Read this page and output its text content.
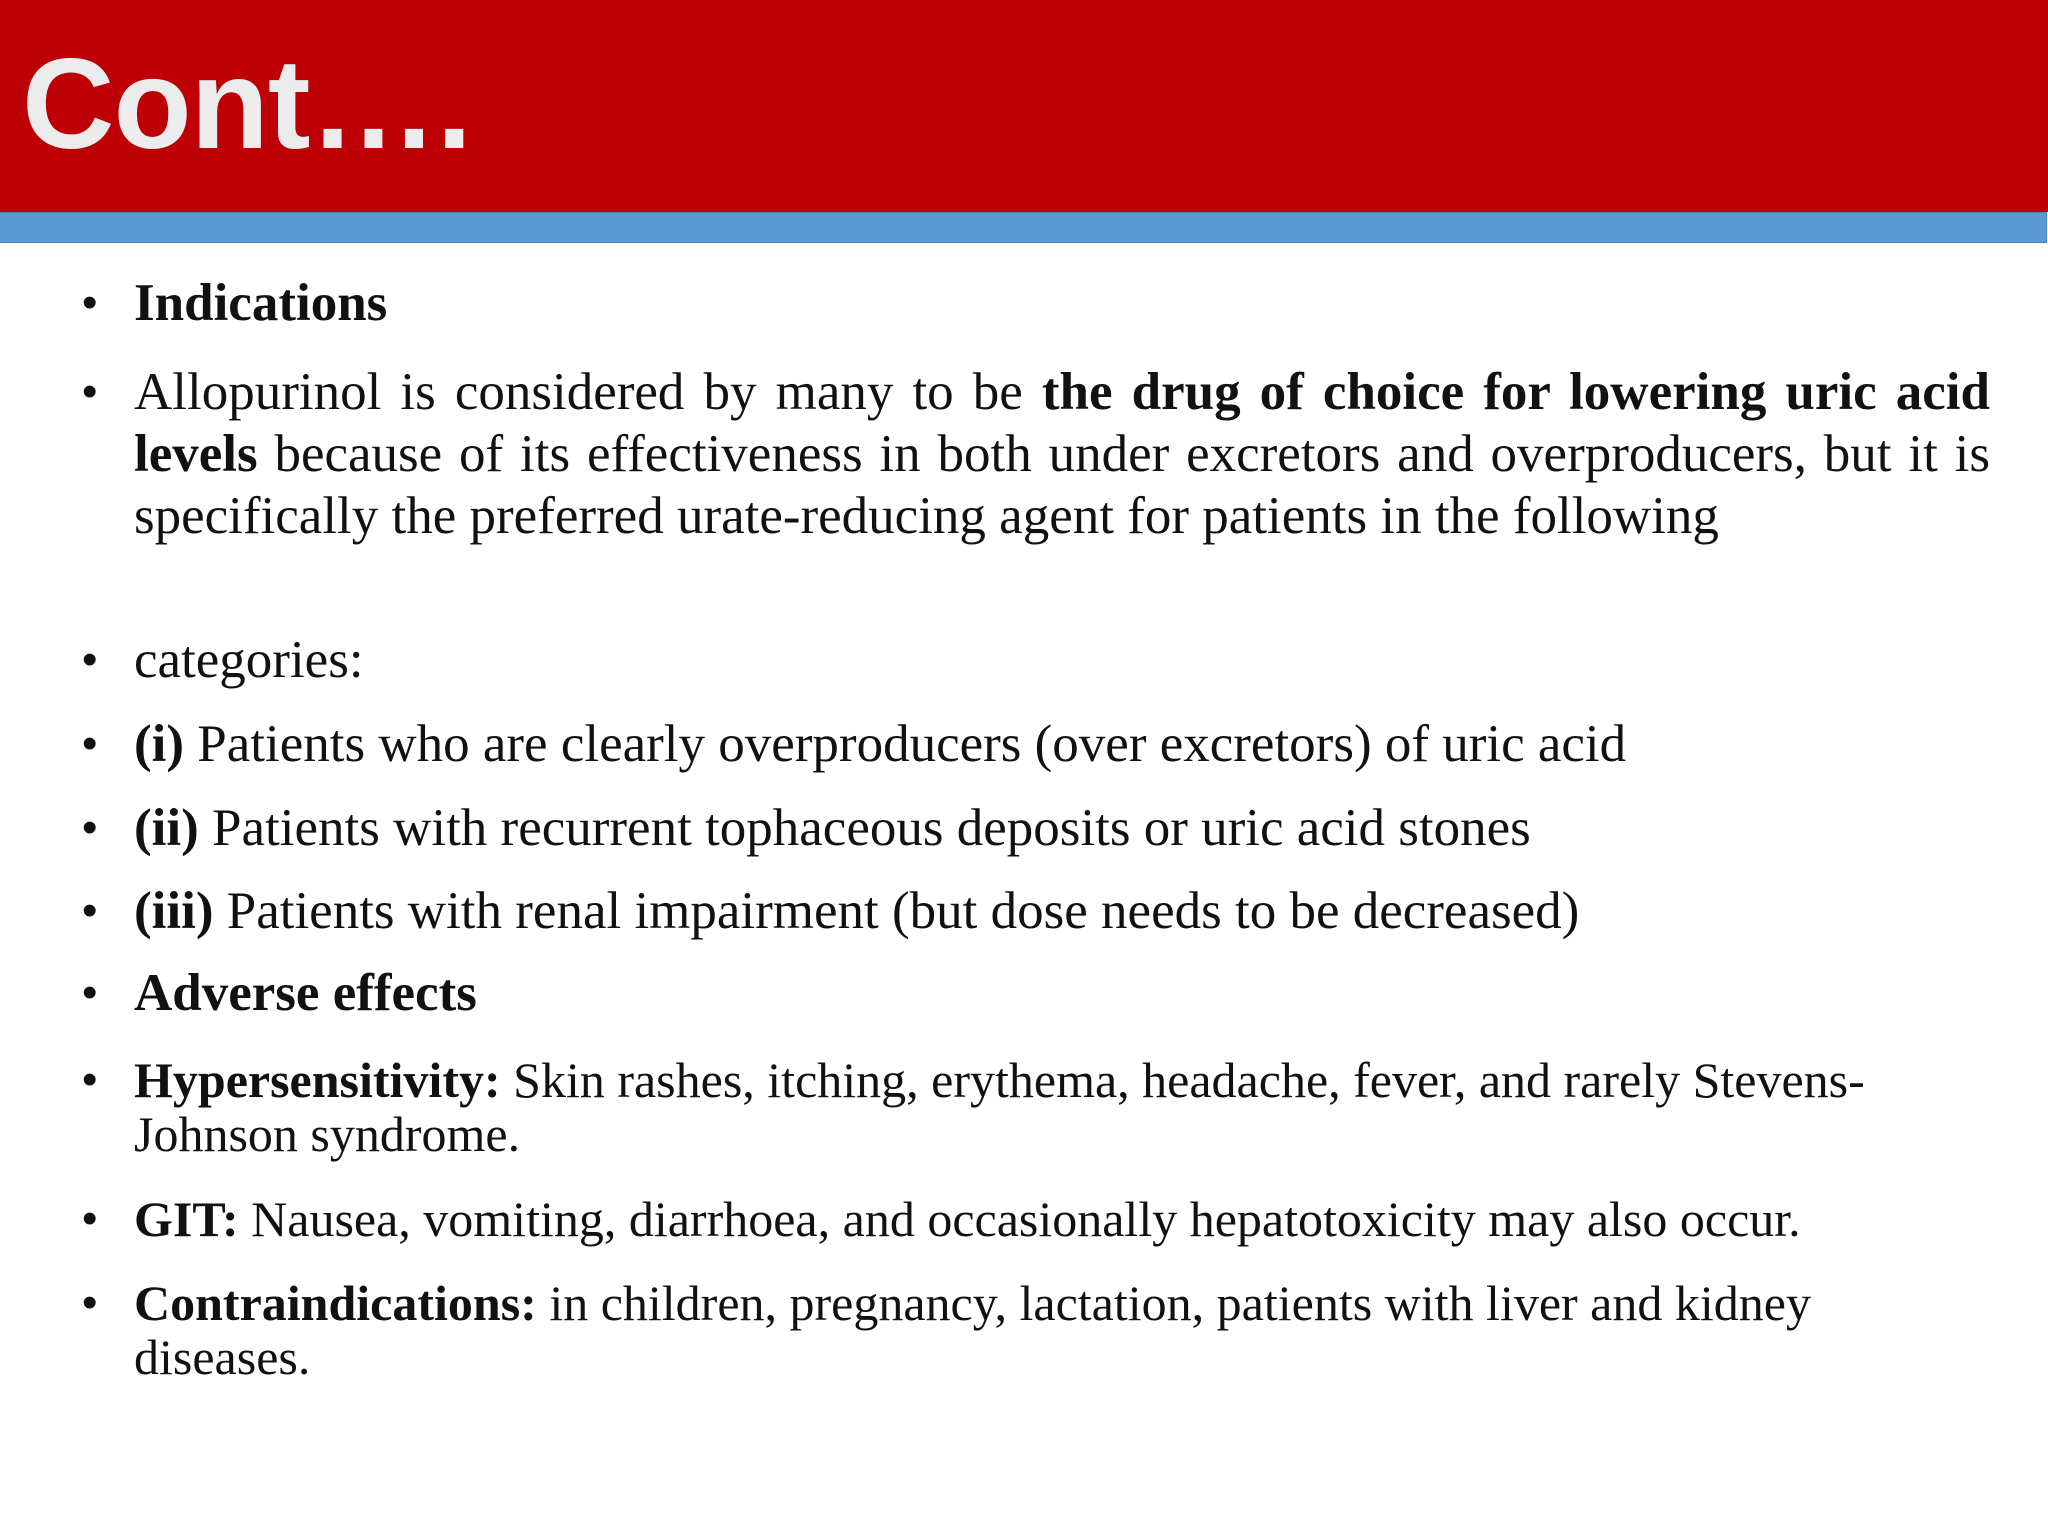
Cont….
• Indications
• Allopurinol is considered by many to be the drug of choice for lowering uric acid levels because of its effectiveness in both under excretors and overproducers, but it is specifically the preferred urate-reducing agent for patients in the following
• categories:
• (i) Patients who are clearly overproducers (over excretors) of uric acid
• (ii) Patients with recurrent tophaceous deposits or uric acid stones
• (iii) Patients with renal impairment (but dose needs to be decreased)
• Adverse effects
• Hypersensitivity: Skin rashes, itching, erythema, headache, fever, and rarely Stevens-Johnson syndrome.
• GIT: Nausea, vomiting, diarrhoea, and occasionally hepatotoxicity may also occur.
• Contraindications: in children, pregnancy, lactation, patients with liver and kidney diseases.
